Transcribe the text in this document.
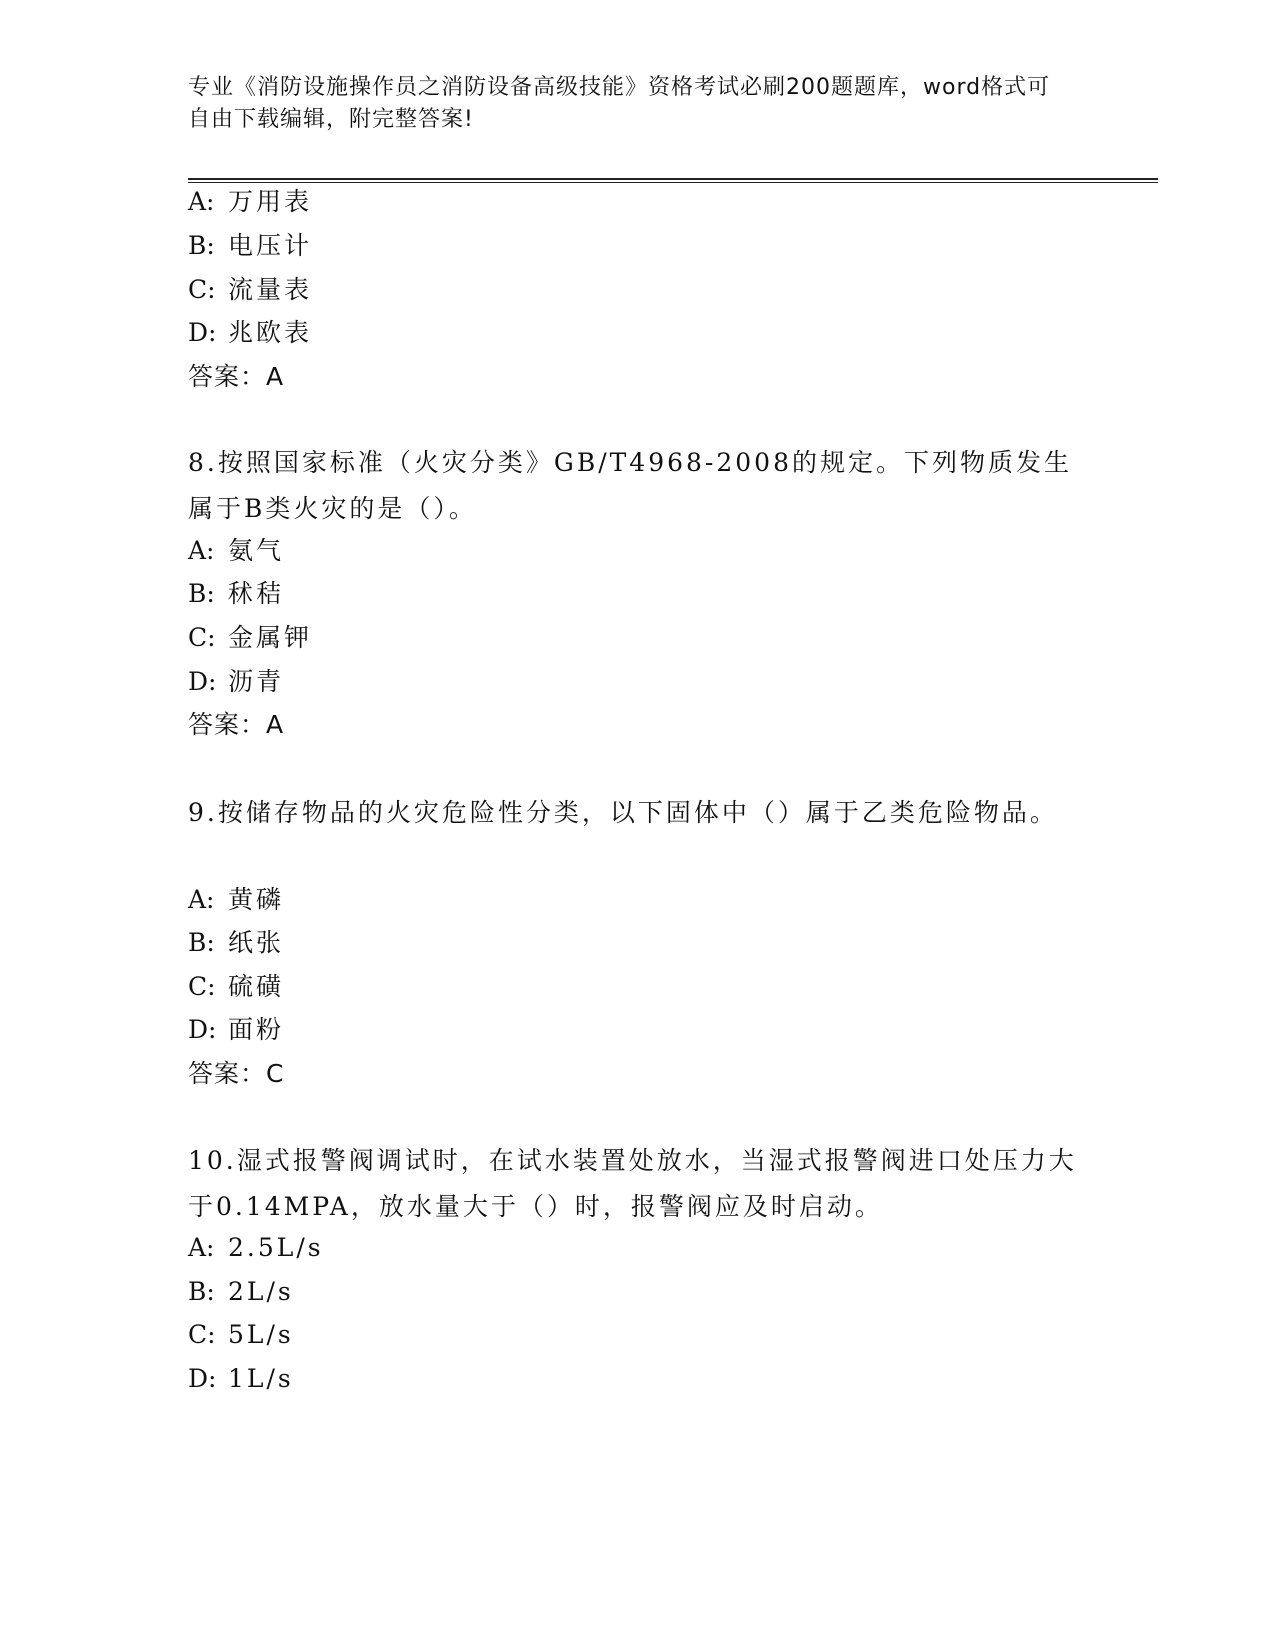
专业《消防设施操作员之消防设备高级技能》资格考试必刷200题题库，word格式可自由下载编辑，附完整答案!
A: 万用表
B: 电压计
C: 流量表
D: 兆欧表
答案：A
8.按照国家标准（火灾分类》GB/T4968-2008的规定。下列物质发生属于B类火灾的是（）。
A: 氨气
B: 秫秸
C: 金属钾
D: 沥青
答案：A
9.按储存物品的火灾危险性分类，以下固体中（）属于乙类危险物品。
A: 黄磷
B: 纸张
C: 硫磺
D: 面粉
答案：C
10.湿式报警阀调试时，在试水装置处放水，当湿式报警阀进口处压力大于0.14MPA，放水量大于（）时，报警阀应及时启动。
A: 2.5L/s
B: 2L/s
C: 5L/s
D: 1L/s
